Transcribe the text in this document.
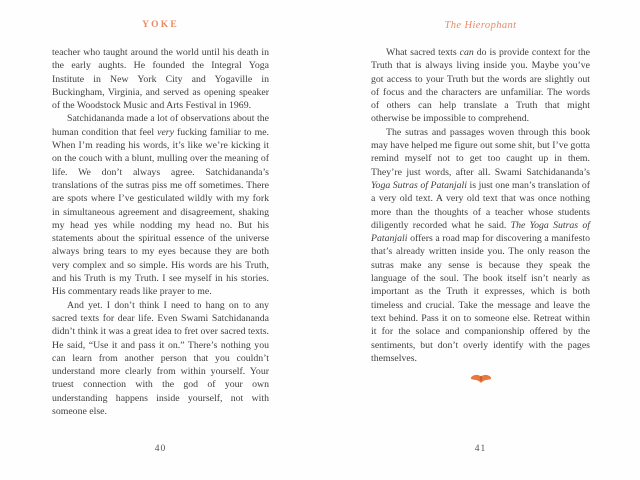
YOKE

teacher who taught around the world until his death in the early aughts. He founded the Integral Yoga Institute in New York City and Yogaville in Buckingham, Virginia, and served as opening speaker of the Woodstock Music and Arts Festival in 1969.

Satchidananda made a lot of observations about the human condition that feel very fucking familiar to me. When I’m reading his words, it’s like we’re kicking it on the couch with a blunt, mulling over the meaning of life. We don’t always agree. Satchidananda’s translations of the sutras piss me off sometimes. There are spots where I’ve gesticulated wildly with my fork in simultaneous agreement and disagreement, shaking my head yes while nodding my head no. But his statements about the spiritual essence of the universe always bring tears to my eyes because they are both very complex and so simple. His words are his Truth, and his Truth is my Truth. I see myself in his stories. His commentary reads like prayer to me.

And yet. I don’t think I need to hang on to any sacred texts for dear life. Even Swami Satchidananda didn’t think it was a great idea to fret over sacred texts. He said, “Use it and pass it on.” There’s nothing you can learn from another person that you couldn’t understand more clearly from within yourself. Your truest connection with the god of your own understanding happens inside yourself, not with someone else.

40
The Hierophant

What sacred texts can do is provide context for the Truth that is always living inside you. Maybe you’ve got access to your Truth but the words are slightly out of focus and the characters are unfamiliar. The words of others can help translate a Truth that might otherwise be impossible to comprehend.

The sutras and passages woven through this book may have helped me figure out some shit, but I’ve gotta remind myself not to get too caught up in them. They’re just words, after all. Swami Satchidananda’s Yoga Sutras of Patanjali is just one man’s translation of a very old text. A very old text that was once nothing more than the thoughts of a teacher whose students diligently recorded what he said. The Yoga Sutras of Patanjali offers a road map for discovering a manifesto that’s already written inside you. The only reason the sutras make any sense is because they speak the language of the soul. The book itself isn’t nearly as important as the Truth it expresses, which is both timeless and crucial. Take the message and leave the text behind. Pass it on to someone else. Retreat within it for the solace and companionship offered by the sentiments, but don’t overly identify with the pages themselves.

41
